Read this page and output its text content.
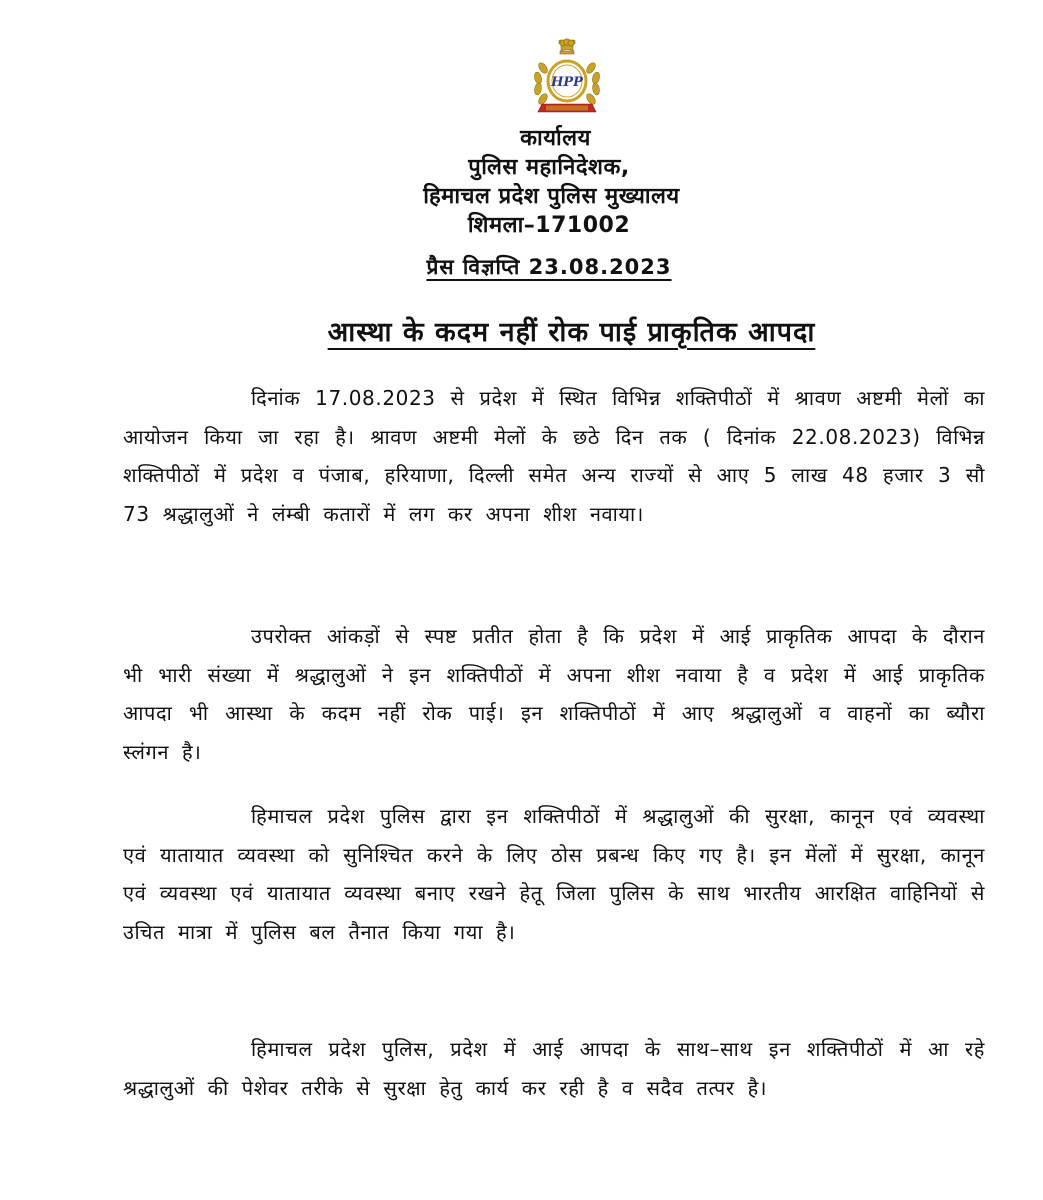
HPP
कार्यालय
पुलिस महानिदेशक,
हिमाचल प्रदेश पुलिस मुख्यालय
शिमला–171002
प्रैस विज्ञप्ति 23.08.2023
आस्था के कदम नहीं रोक पाई प्राकृतिक आपदा

दिनांक 17.08.2023 से प्रदेश में स्थित विभिन्न शक्तिपीठों में श्रावण अष्टमी मेलों का आयोजन किया जा रहा है। श्रावण अष्टमी मेलों के छठे दिन तक ( दिनांक 22.08.2023) विभिन्न शक्तिपीठों में प्रदेश व पंजाब, हरियाणा, दिल्ली समेत अन्य राज्यों से आए 5 लाख 48 हजार 3 सौ 73 श्रद्धालुओं ने लंम्बी कतारों में लग कर अपना शीश नवाया।

उपरोक्त आंकड़ों से स्पष्ट प्रतीत होता है कि प्रदेश में आई प्राकृतिक आपदा के दौरान भी भारी संख्या में श्रद्धालुओं ने इन शक्तिपीठों में अपना शीश नवाया है व प्रदेश में आई प्राकृतिक आपदा भी आस्था के कदम नहीं रोक पाई। इन शक्तिपीठों में आए श्रद्धालुओं व वाहनों का ब्यौरा स्लंगन है।

हिमाचल प्रदेश पुलिस द्वारा इन शक्तिपीठों में श्रद्धालुओं की सुरक्षा, कानून एवं व्यवस्था एवं यातायात व्यवस्था को सुनिश्चित करने के लिए ठोस प्रबन्ध किए गए है। इन मेंलों में सुरक्षा, कानून एवं व्यवस्था एवं यातायात व्यवस्था बनाए रखने हेतू जिला पुलिस के साथ भारतीय आरक्षित वाहिनियों से उचित मात्रा में पुलिस बल तैनात किया गया है।

हिमाचल प्रदेश पुलिस, प्रदेश में आई आपदा के साथ–साथ इन शक्तिपीठों में आ रहे श्रद्धालुओं की पेशेवर तरीके से सुरक्षा हेतु कार्य कर रही है व सदैव तत्पर है।
